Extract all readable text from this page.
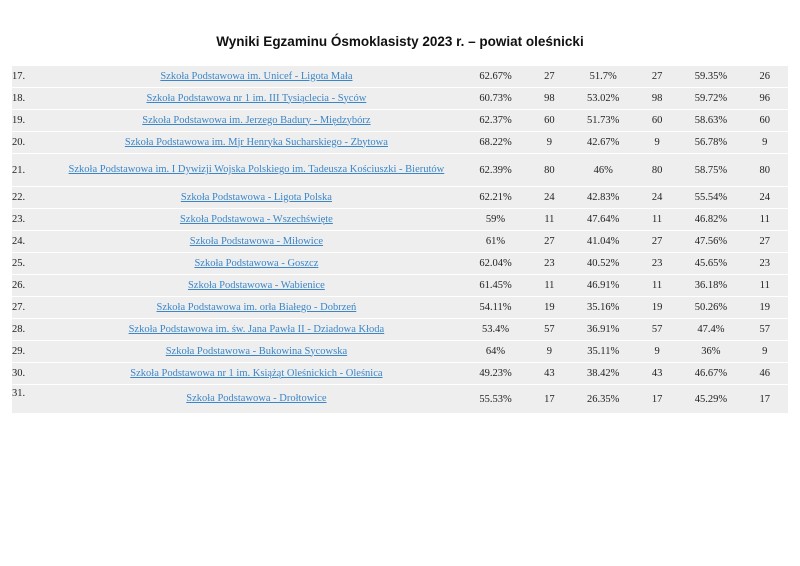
Wyniki Egzaminu Ósmoklasisty 2023 r. – powiat oleśnicki
17.	Szkoła Podstawowa im. Unicef - Ligota Mała	62.67%	27	51.7%	27	59.35%	26
18.	Szkoła Podstawowa nr 1 im. III Tysiąclecia - Syców	60.73%	98	53.02%	98	59.72%	96
19.	Szkoła Podstawowa im. Jerzego Badury - Międzybórz	62.37%	60	51.73%	60	58.63%	60
20.	Szkoła Podstawowa im. Mjr Henryka Sucharskiego - Zbytowa	68.22%	9	42.67%	9	56.78%	9
21.	Szkoła Podstawowa im. I Dywizji Wojska Polskiego im. Tadeusza Kościuszki - Bierutów	62.39%	80	46%	80	58.75%	80
22.	Szkoła Podstawowa - Ligota Polska	62.21%	24	42.83%	24	55.54%	24
23.	Szkoła Podstawowa - Wszechświęte	59%	11	47.64%	11	46.82%	11
24.	Szkoła Podstawowa - Miłowice	61%	27	41.04%	27	47.56%	27
25.	Szkoła Podstawowa - Goszcz	62.04%	23	40.52%	23	45.65%	23
26.	Szkoła Podstawowa - Wabienice	61.45%	11	46.91%	11	36.18%	11
27.	Szkoła Podstawowa im. orła Białego - Dobrzeń	54.11%	19	35.16%	19	50.26%	19
28.	Szkoła Podstawowa im. św. Jana Pawła II - Dziadowa Kłoda	53.4%	57	36.91%	57	47.4%	57
29.	Szkoła Podstawowa - Bukowina Sycowska	64%	9	35.11%	9	36%	9
30.	Szkoła Podstawowa nr 1 im. Książąt Oleśnickich - Oleśnica	49.23%	43	38.42%	43	46.67%	46
31.	Szkoła Podstawowa - Drołtowice	55.53%	17	26.35%	17	45.29%	17
